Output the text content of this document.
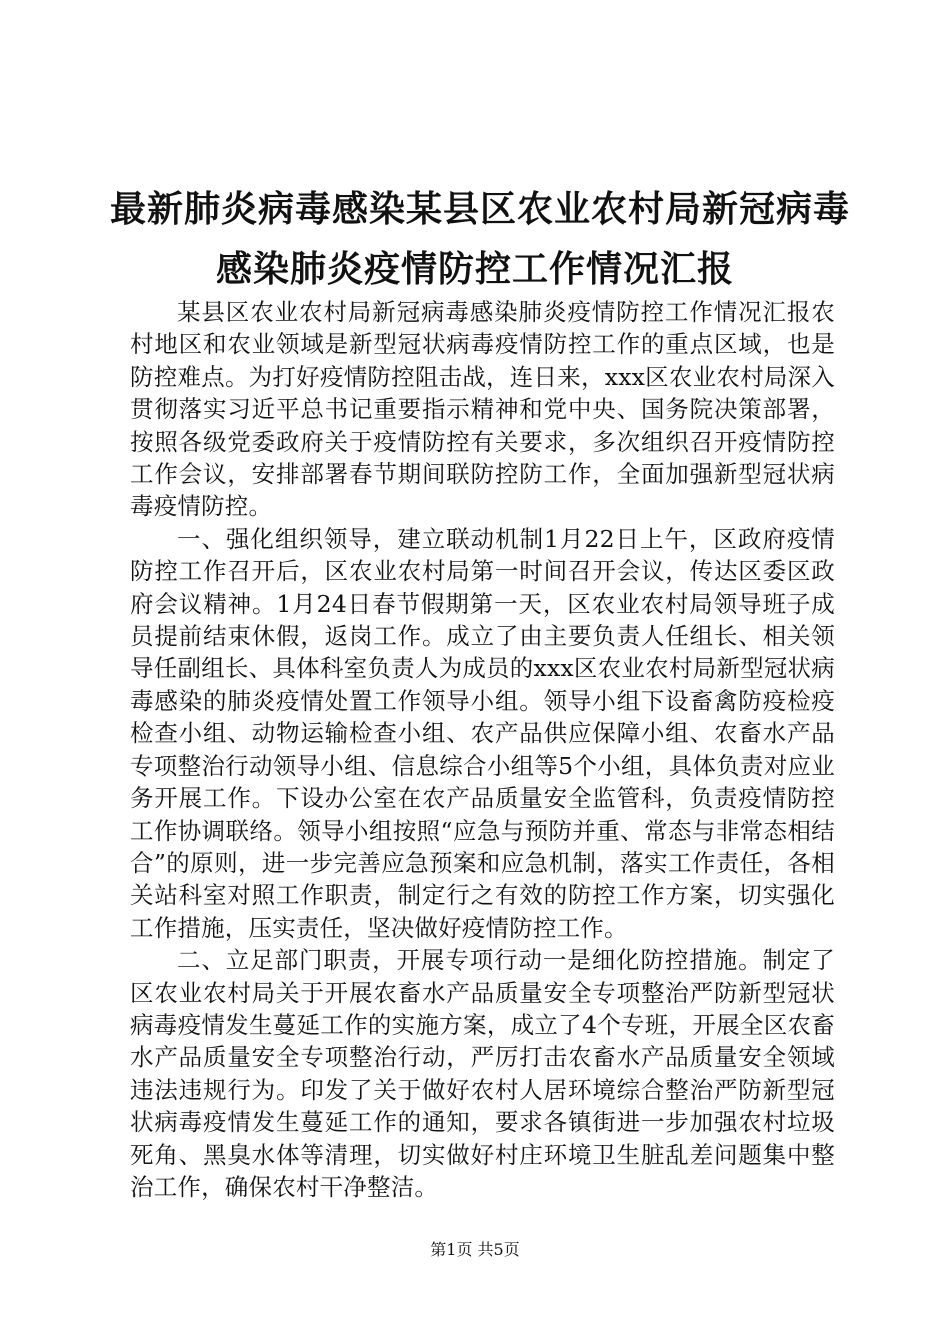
最新肺炎病毒感染某县区农业农村局新冠病毒
感染肺炎疫情防控工作情况汇报

某县区农业农村局新冠病毒感染肺炎疫情防控工作情况汇报农村地区和农业领域是新型冠状病毒疫情防控工作的重点区域，也是防控难点。为打好疫情防控阻击战，连日来，xxx区农业农村局深入贯彻落实习近平总书记重要指示精神和党中央、国务院决策部署，按照各级党委政府关于疫情防控有关要求，多次组织召开疫情防控工作会议，安排部署春节期间联防控防工作，全面加强新型冠状病毒疫情防控。

一、强化组织领导，建立联动机制1月22日上午，区政府疫情防控工作召开后，区农业农村局第一时间召开会议，传达区委区政府会议精神。1月24日春节假期第一天，区农业农村局领导班子成员提前结束休假，返岗工作。成立了由主要负责人任组长、相关领导任副组长、具体科室负责人为成员的xxx区农业农村局新型冠状病毒感染的肺炎疫情处置工作领导小组。领导小组下设畜禽防疫检疫检查小组、动物运输检查小组、农产品供应保障小组、农畜水产品专项整治行动领导小组、信息综合小组等5个小组，具体负责对应业务开展工作。下设办公室在农产品质量安全监管科，负责疫情防控工作协调联络。领导小组按照“应急与预防并重、常态与非常态相结合”的原则，进一步完善应急预案和应急机制，落实工作责任，各相关站科室对照工作职责，制定行之有效的防控工作方案，切实强化工作措施，压实责任，坚决做好疫情防控工作。

二、立足部门职责，开展专项行动一是细化防控措施。制定了区农业农村局关于开展农畜水产品质量安全专项整治严防新型冠状病毒疫情发生蔓延工作的实施方案，成立了4个专班，开展全区农畜水产品质量安全专项整治行动，严厉打击农畜水产品质量安全领域违法违规行为。印发了关于做好农村人居环境综合整治严防新型冠状病毒疫情发生蔓延工作的通知，要求各镇街进一步加强农村垃圾死角、黑臭水体等清理，切实做好村庄环境卫生脏乱差问题集中整治工作，确保农村干净整洁。

第1页 共5页
